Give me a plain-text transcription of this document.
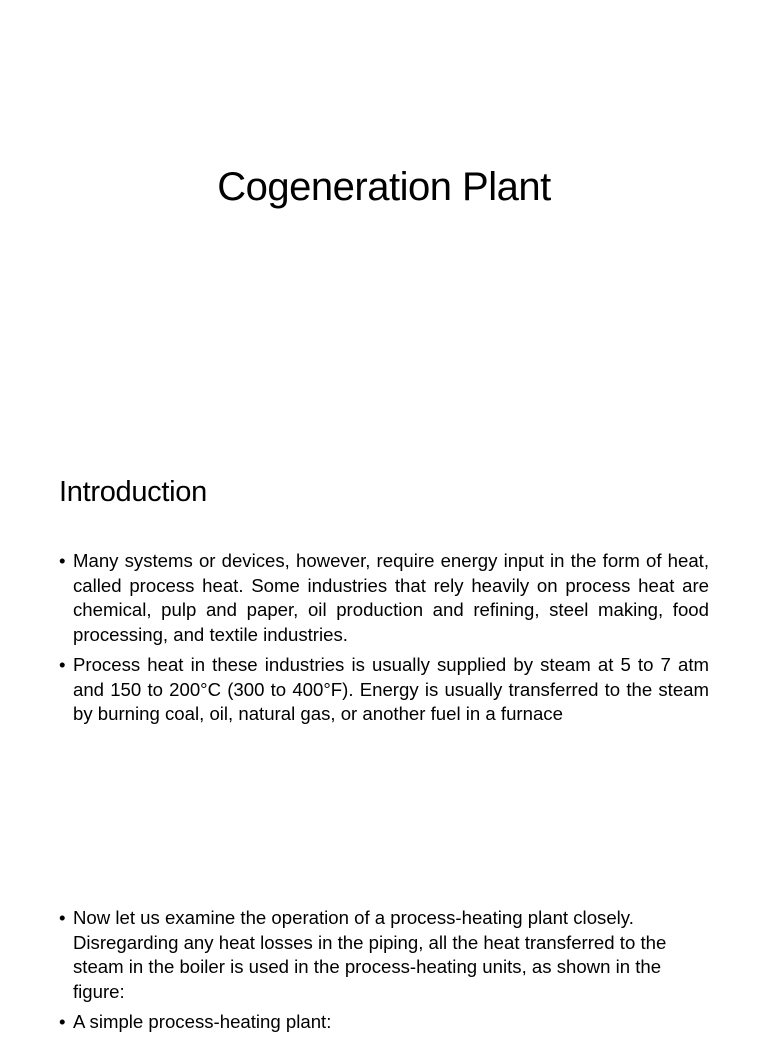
Cogeneration Plant
Introduction
• Many systems or devices, however, require energy input in the form of heat, called process heat. Some industries that rely heavily on process heat are chemical, pulp and paper, oil production and refining, steel making, food processing, and textile industries.
• Process heat in these industries is usually supplied by steam at 5 to 7 atm and 150 to 200°C (300 to 400°F). Energy is usually transferred to the steam by burning coal, oil, natural gas, or another fuel in a furnace
• Now let us examine the operation of a process-heating plant closely. Disregarding any heat losses in the piping, all the heat transferred to the steam in the boiler is used in the process-heating units, as shown in the figure:
• A simple process-heating plant:
